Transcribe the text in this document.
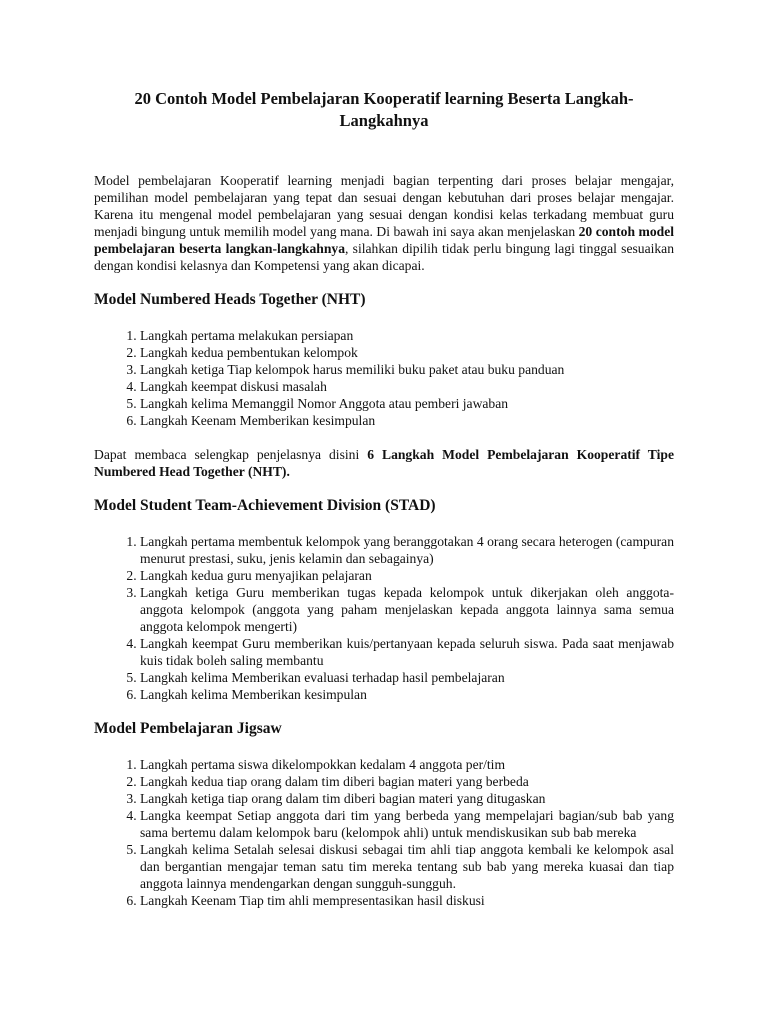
20 Contoh Model Pembelajaran Kooperatif learning Beserta Langkah-Langkahnya

Model pembelajaran Kooperatif learning menjadi bagian terpenting dari proses belajar mengajar, pemilihan model pembelajaran yang tepat dan sesuai dengan kebutuhan dari proses belajar mengajar. Karena itu mengenal model pembelajaran yang sesuai dengan kondisi kelas terkadang membuat guru menjadi bingung untuk memilih model yang mana. Di bawah ini saya akan menjelaskan 20 contoh model pembelajaran beserta langkan-langkahnya, silahkan dipilih tidak perlu bingung lagi tinggal sesuaikan dengan kondisi kelasnya dan Kompetensi yang akan dicapai.

Model Numbered Heads Together (NHT)
1. Langkah pertama melakukan persiapan
2. Langkah kedua pembentukan kelompok
3. Langkah ketiga Tiap kelompok harus memiliki buku paket atau buku panduan
4. Langkah keempat diskusi masalah
5. Langkah kelima Memanggil Nomor Anggota atau pemberi jawaban
6. Langkah Keenam Memberikan kesimpulan

Dapat membaca selengkap penjelasnya disini 6 Langkah Model Pembelajaran Kooperatif Tipe Numbered Head Together (NHT).

Model Student Team-Achievement Division (STAD)
1. Langkah pertama membentuk kelompok yang beranggotakan 4 orang secara heterogen (campuran menurut prestasi, suku, jenis kelamin dan sebagainya)
2. Langkah kedua guru menyajikan pelajaran
3. Langkah ketiga Guru memberikan tugas kepada kelompok untuk dikerjakan oleh anggota-anggota kelompok (anggota yang paham menjelaskan kepada anggota lainnya sama semua anggota kelompok mengerti)
4. Langkah keempat Guru memberikan kuis/pertanyaan kepada seluruh siswa. Pada saat menjawab kuis tidak boleh saling membantu
5. Langkah kelima Memberikan evaluasi terhadap hasil pembelajaran
6. Langkah kelima Memberikan kesimpulan
Model Pembelajaran Jigsaw
1. Langkah pertama siswa dikelompokkan kedalam 4 anggota per/tim
2. Langkah kedua tiap orang dalam tim diberi bagian materi yang berbeda
3. Langkah ketiga tiap orang dalam tim diberi bagian materi yang ditugaskan
4. Langka keempat Setiap anggota dari tim yang berbeda yang mempelajari bagian/sub bab yang sama bertemu dalam kelompok baru (kelompok ahli) untuk mendiskusikan sub bab mereka
5. Langkah kelima Setalah selesai diskusi sebagai tim ahli tiap anggota kembali ke kelompok asal dan bergantian mengajar teman satu tim mereka tentang sub bab yang mereka kuasai dan tiap anggota lainnya mendengarkan dengan sungguh-sungguh.
6. Langkah Keenam Tiap tim ahli mempresentasikan hasil diskusi
